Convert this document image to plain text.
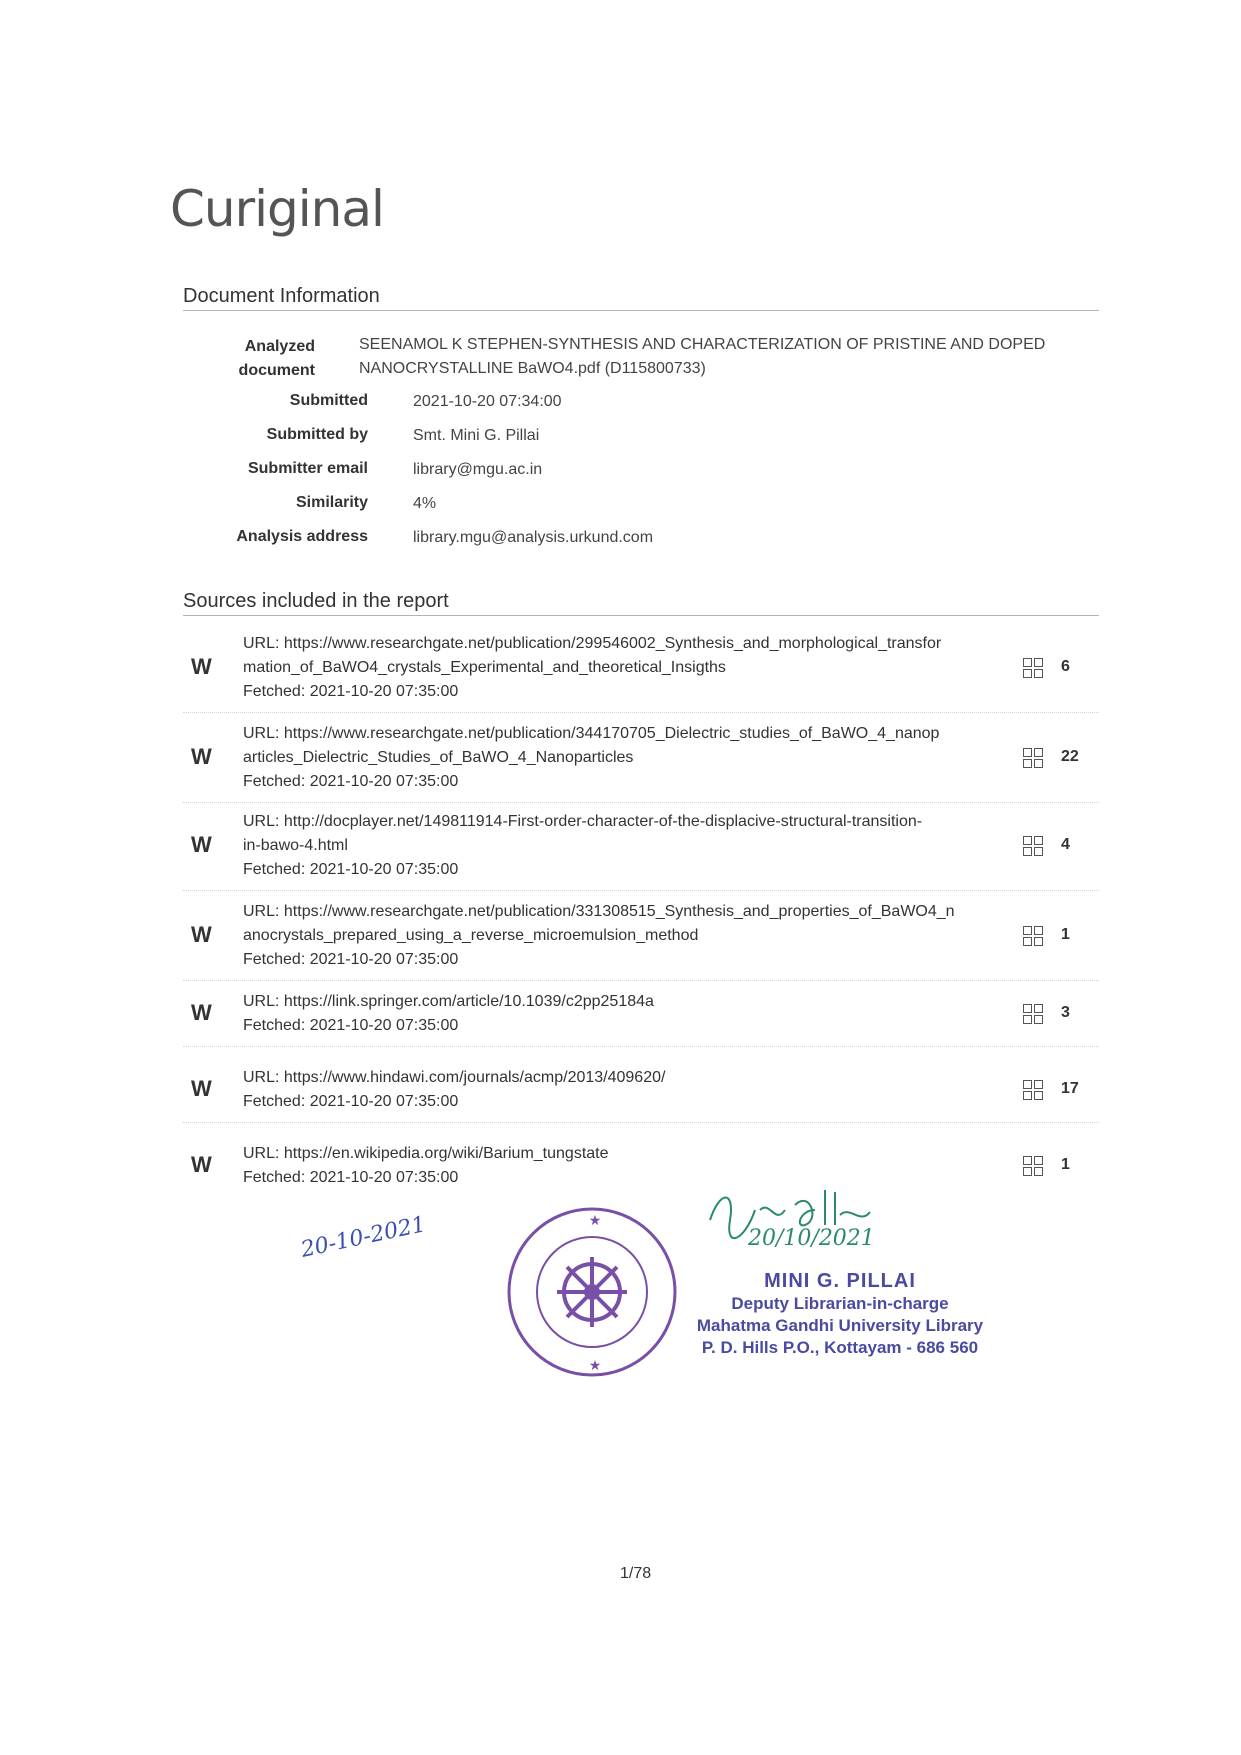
Curiginal
Document Information
Analyzed
document
SEENAMOL K STEPHEN-SYNTHESIS AND CHARACTERIZATION OF PRISTINE AND DOPED
NANOCRYSTALLINE BaWO4.pdf (D115800733)
Submitted	2021-10-20 07:34:00
Submitted by	Smt. Mini G. Pillai
Submitter email	library@mgu.ac.in
Similarity	4%
Analysis address	library.mgu@analysis.urkund.com
Sources included in the report
W
URL: https://www.researchgate.net/publication/299546002_Synthesis_and_morphological_transfor
mation_of_BaWO4_crystals_Experimental_and_theoretical_Insigths
Fetched: 2021-10-20 07:35:00
6
W
URL: https://www.researchgate.net/publication/344170705_Dielectric_studies_of_BaWO_4_nanop
articles_Dielectric_Studies_of_BaWO_4_Nanoparticles
Fetched: 2021-10-20 07:35:00
22
W
URL: http://docplayer.net/149811914-First-order-character-of-the-displacive-structural-transition-
in-bawo-4.html
Fetched: 2021-10-20 07:35:00
4
W
URL: https://www.researchgate.net/publication/331308515_Synthesis_and_properties_of_BaWO4_n
anocrystals_prepared_using_a_reverse_microemulsion_method
Fetched: 2021-10-20 07:35:00
1
W URL: https://link.springer.com/article/10.1039/c2pp25184a
Fetched: 2021-10-20 07:35:00
3
W URL: https://www.hindawi.com/journals/acmp/2013/409620/
Fetched: 2021-10-20 07:35:00
17
W URL: https://en.wikipedia.org/wiki/Barium_tungstate
Fetched: 2021-10-20 07:35:00
1
MINI G. PILLAI
Deputy Librarian-in-charge
Mahatma Gandhi University Library
P. D. Hills P.O., Kottayam - 686 560
20/10/2021
20-10-2021	★
★
1/78
